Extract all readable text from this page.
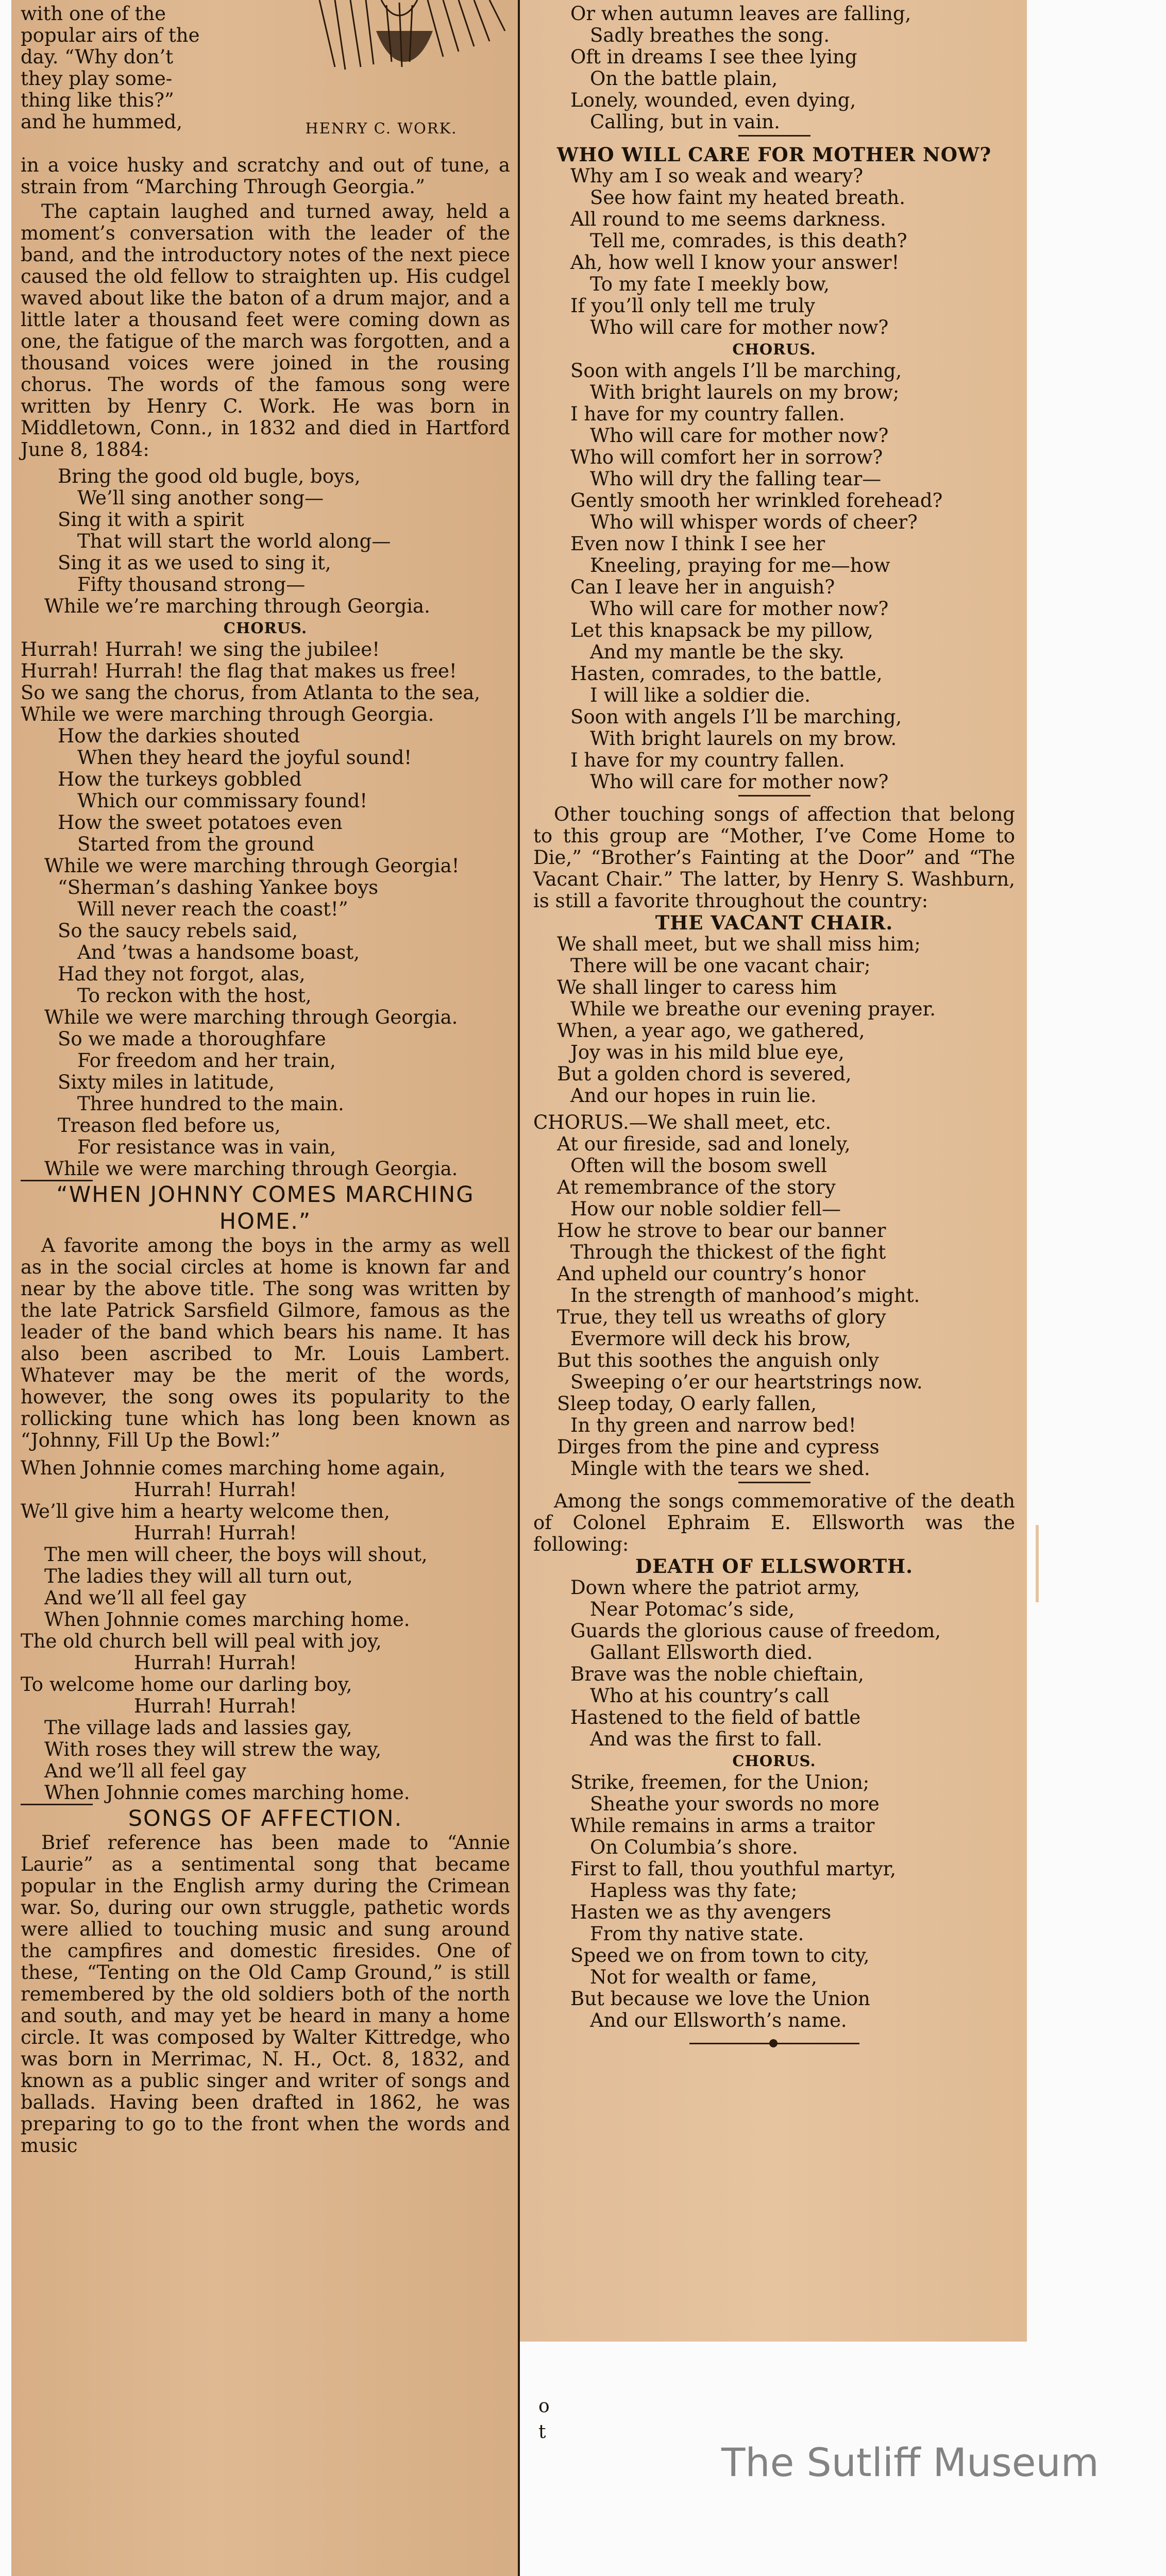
with one of the
popular airs of the
day. “Why don’t
they play some-
thing like this?”
and he hummed,	HENRY C. WORK.

in a voice husky and scratchy and out of tune, a strain from “Marching Through Georgia.”

The captain laughed and turned away, held a moment’s conversation with the leader of the band, and the introductory notes of the next piece caused the old fellow to straighten up. His cudgel waved about like the baton of a drum major, and a little later a thousand feet were coming down as one, the fatigue of the march was forgotten, and a thousand voices were joined in the rousing chorus. The words of the famous song were written by Henry C. Work. He was born in Middletown, Conn., in 1832 and died in Hartford June 8, 1884:

Bring the good old bugle, boys,
We’ll sing another song—
Sing it with a spirit
That will start the world along—
Sing it as we used to sing it,
Fifty thousand strong—
While we’re marching through Georgia.
CHORUS.
Hurrah! Hurrah! we sing the jubilee!
Hurrah! Hurrah! the flag that makes us free!
So we sang the chorus, from Atlanta to the sea,
While we were marching through Georgia.
How the darkies shouted
When they heard the joyful sound!
How the turkeys gobbled
Which our commissary found!
How the sweet potatoes even
Started from the ground
While we were marching through Georgia!
“Sherman’s dashing Yankee boys
Will never reach the coast!”
So the saucy rebels said,
And ’twas a handsome boast,
Had they not forgot, alas,
To reckon with the host,
While we were marching through Georgia.
So we made a thoroughfare
For freedom and her train,
Sixty miles in latitude,
Three hundred to the main.
Treason fled before us,
For resistance was in vain,
While we were marching through Georgia.
“WHEN JOHNNY COMES MARCHING HOME.”

A favorite among the boys in the army as well as in the social circles at home is known far and near by the above title. The song was written by the late Patrick Sarsfield Gilmore, famous as the leader of the band which bears his name. It has also been ascribed to Mr. Louis Lambert. Whatever may be the merit of the words, however, the song owes its popularity to the rollicking tune which has long been known as “Johnny, Fill Up the Bowl:”

When Johnnie comes marching home again,
Hurrah! Hurrah!
We’ll give him a hearty welcome then,
Hurrah! Hurrah!
The men will cheer, the boys will shout,
The ladies they will all turn out,
And we’ll all feel gay
When Johnnie comes marching home.
The old church bell will peal with joy,
Hurrah! Hurrah!
To welcome home our darling boy,
Hurrah! Hurrah!
The village lads and lassies gay,
With roses they will strew the way,
And we’ll all feel gay
When Johnnie comes marching home.
SONGS OF AFFECTION.

Brief reference has been made to “Annie Laurie” as a sentimental song that became popular in the English army during the Crimean war. So, during our own struggle, pathetic words were allied to touching music and sung around the campfires and domestic firesides. One of these, “Tenting on the Old Camp Ground,” is still remembered by the old soldiers both of the north and south, and may yet be heard in many a home circle. It was composed by Walter Kittredge, who was born in Merrimac, N. H., Oct. 8, 1832, and known as a public singer and writer of songs and ballads. Having been drafted in 1862, he was preparing to go to the front when the words and music

Or when autumn leaves are falling,
Sadly breathes the song.
Oft in dreams I see thee lying
On the battle plain,
Lonely, wounded, even dying,
Calling, but in vain.
WHO WILL CARE FOR MOTHER NOW?
Why am I so weak and weary?
See how faint my heated breath.
All round to me seems darkness.
Tell me, comrades, is this death?
Ah, how well I know your answer!
To my fate I meekly bow,
If you’ll only tell me truly
Who will care for mother now?
CHORUS.
Soon with angels I’ll be marching,
With bright laurels on my brow;
I have for my country fallen.
Who will care for mother now?
Who will comfort her in sorrow?
Who will dry the falling tear—
Gently smooth her wrinkled forehead?
Who will whisper words of cheer?
Even now I think I see her
Kneeling, praying for me—how
Can I leave her in anguish?
Who will care for mother now?
Let this knapsack be my pillow,
And my mantle be the sky.
Hasten, comrades, to the battle,
I will like a soldier die.
Soon with angels I’ll be marching,
With bright laurels on my brow.
I have for my country fallen.
Who will care for mother now?

Other touching songs of affection that belong to this group are “Mother, I’ve Come Home to Die,” “Brother’s Fainting at the Door” and “The Vacant Chair.” The latter, by Henry S. Washburn, is still a favorite throughout the country:

THE VACANT CHAIR.
We shall meet, but we shall miss him;
There will be one vacant chair;
We shall linger to caress him
While we breathe our evening prayer.
When, a year ago, we gathered,
Joy was in his mild blue eye,
But a golden chord is severed,
And our hopes in ruin lie.
CHORUS.—We shall meet, etc.
At our fireside, sad and lonely,
Often will the bosom swell
At remembrance of the story
How our noble soldier fell—
How he strove to bear our banner
Through the thickest of the fight
And upheld our country’s honor
In the strength of manhood’s might.
True, they tell us wreaths of glory
Evermore will deck his brow,
But this soothes the anguish only
Sweeping o’er our heartstrings now.
Sleep today, O early fallen,
In thy green and narrow bed!
Dirges from the pine and cypress
Mingle with the tears we shed.

Among the songs commemorative of the death of Colonel Ephraim E. Ellsworth was the following:

DEATH OF ELLSWORTH.
Down where the patriot army,
Near Potomac’s side,
Guards the glorious cause of freedom,
Gallant Ellsworth died.
Brave was the noble chieftain,
Who at his country’s call
Hastened to the field of battle
And was the first to fall.
CHORUS.
Strike, freemen, for the Union;
Sheathe your swords no more
While remains in arms a traitor
On Columbia’s shore.
First to fall, thou youthful martyr,
Hapless was thy fate;
Hasten we as thy avengers
From thy native state.
Speed we on from town to city,
Not for wealth or fame,
But because we love the Union
And our Ellsworth’s name.
o
t
The Sutliff Museum
